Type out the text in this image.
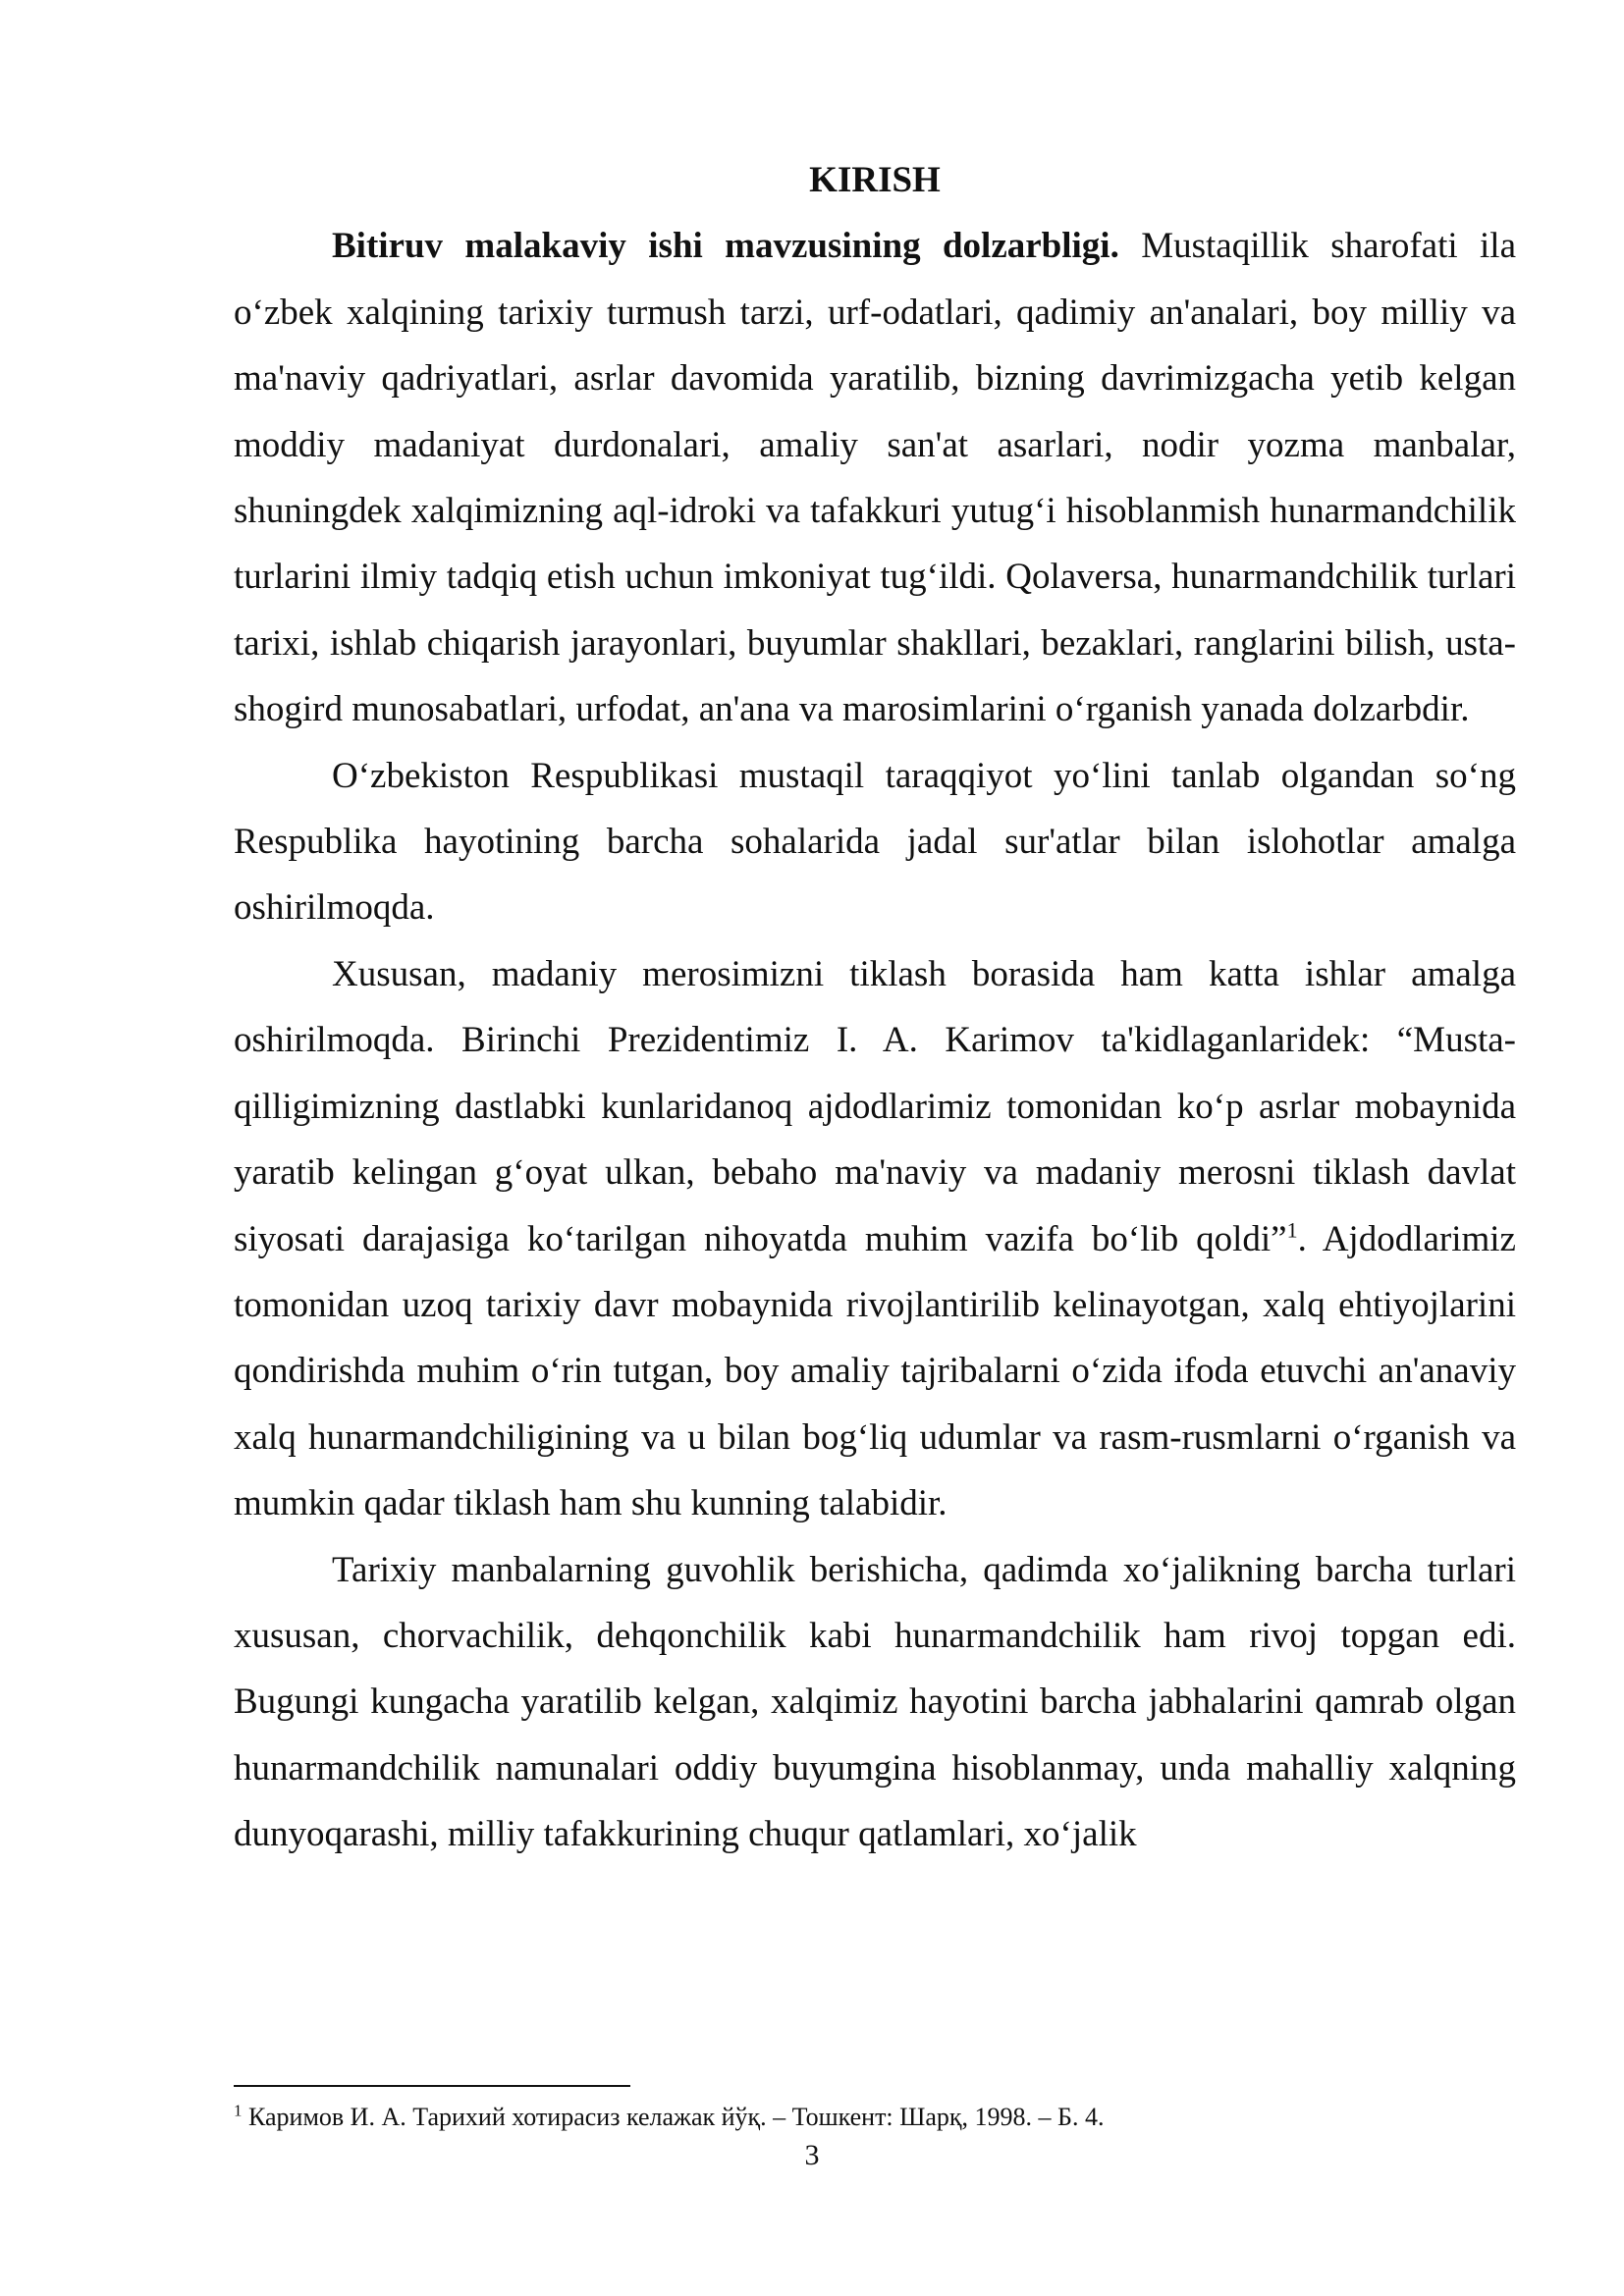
KIRISH

Bitiruv malakaviy ishi mavzusining dolzarbligi. Mustaqillik sharofati ila o‘zbek xalqining tarixiy turmush tarzi, urf-odatlari, qadimiy an'analari, boy milliy va ma'naviy qadriyatlari, asrlar davomida yaratilib, bizning davrimizgacha yetib kelgan moddiy madaniyat durdonalari, amaliy san'at asarlari, nodir yozma manbalar, shuningdek xalqimizning aql-idroki va tafakkuri yutug‘i hisoblanmish hunarmandchilik turlarini ilmiy tadqiq etish uchun imkoniyat tug‘ildi. Qolaversa, hunarmandchilik turlari tarixi, ishlab chiqarish jarayonlari, buyumlar shakllari, bezaklari, ranglarini bilish, usta-shogird munosabatlari, urfodat, an'ana va marosimlarini o‘rganish yanada dolzarbdir.

O‘zbekiston Respublikasi mustaqil taraqqiyot yo‘lini tanlab olgandan so‘ng Respublika hayotining barcha sohalarida jadal sur'atlar bilan islohotlar amalga oshirilmoqda.

Xususan, madaniy merosimizni tiklash borasida ham katta ishlar amalga oshirilmoqda. Birinchi Prezidentimiz I. A. Karimov ta'kidlaganlaridek: “Musta-qilligimizning dastlabki kunlaridanoq ajdodlarimiz tomonidan ko‘p asrlar mobaynida yaratib kelingan g‘oyat ulkan, bebaho ma'naviy va madaniy merosni tiklash davlat siyosati darajasiga ko‘tarilgan nihoyatda muhim vazifa bo‘lib qoldi”$^1$. Ajdodlarimiz tomonidan uzoq tarixiy davr mobaynida rivojlantirilib kelinayotgan, xalq ehtiyojlarini qondirishda muhim o‘rin tutgan, boy amaliy tajribalarni o‘zida ifoda etuvchi an'anaviy xalq hunarmandchiligining va u bilan bog‘liq udumlar va rasm-rusmlarni o‘rganish va mumkin qadar tiklash ham shu kunning talabidir.

Tarixiy manbalarning guvohlik berishicha, qadimda xo‘jalikning barcha turlari xususan, chorvachilik, dehqonchilik kabi hunarmandchilik ham rivoj topgan edi. Bugungi kungacha yaratilib kelgan, xalqimiz hayotini barcha jabhalarini qamrab olgan hunarmandchilik namunalari oddiy buyumgina hisoblanmay, unda mahalliy xalqning dunyoqarashi, milliy tafakkurining chuqur qatlamlari, xo‘jalik

$^1$ Каримов И. А. Тарихий хотирасиз келажак йўқ. – Тошкент: Шарқ, 1998. – Б. 4.

3
